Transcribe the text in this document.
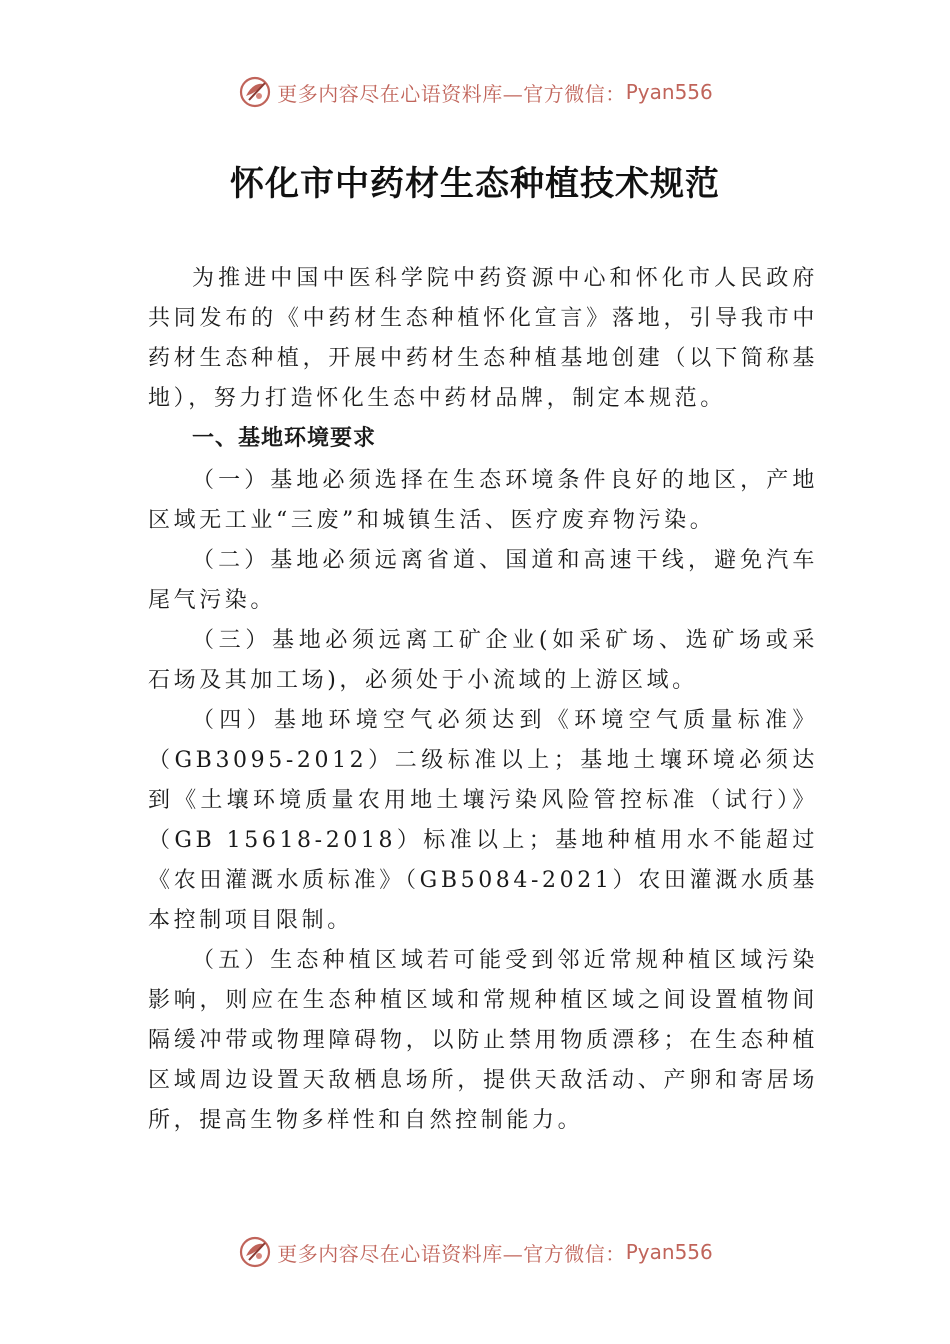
更多内容尽在心语资料库—官方微信： Pyan556
怀化市中药材生态种植技术规范

为推进中国中医科学院中药资源中心和怀化市人民政府共同发布的《中药材生态种植怀化宣言》落地，引导我市中药材生态种植，开展中药材生态种植基地创建（以下简称基地），努力打造怀化生态中药材品牌，制定本规范。

一、基地环境要求

（一）基地必须选择在生态环境条件良好的地区，产地区域无工业“三废”和城镇生活、医疗废弃物污染。

（二）基地必须远离省道、国道和高速干线，避免汽车尾气污染。

（三）基地必须远离工矿企业(如采矿场、选矿场或采石场及其加工场)，必须处于小流域的上游区域。

（四）基地环境空气必须达到《环境空气质量标准》（GB3095-2012）二级标准以上；基地土壤环境必须达到《土壤环境质量农用地土壤污染风险管控标准（试行）》（GB 15618-2018）标准以上；基地种植用水不能超过《农田灌溉水质标准》（GB5084-2021）农田灌溉水质基本控制项目限制。

（五）生态种植区域若可能受到邻近常规种植区域污染影响，则应在生态种植区域和常规种植区域之间设置植物间隔缓冲带或物理障碍物，以防止禁用物质漂移；在生态种植区域周边设置天敌栖息场所，提供天敌活动、产卵和寄居场所，提高生物多样性和自然控制能力。

更多内容尽在心语资料库—官方微信： Pyan556
